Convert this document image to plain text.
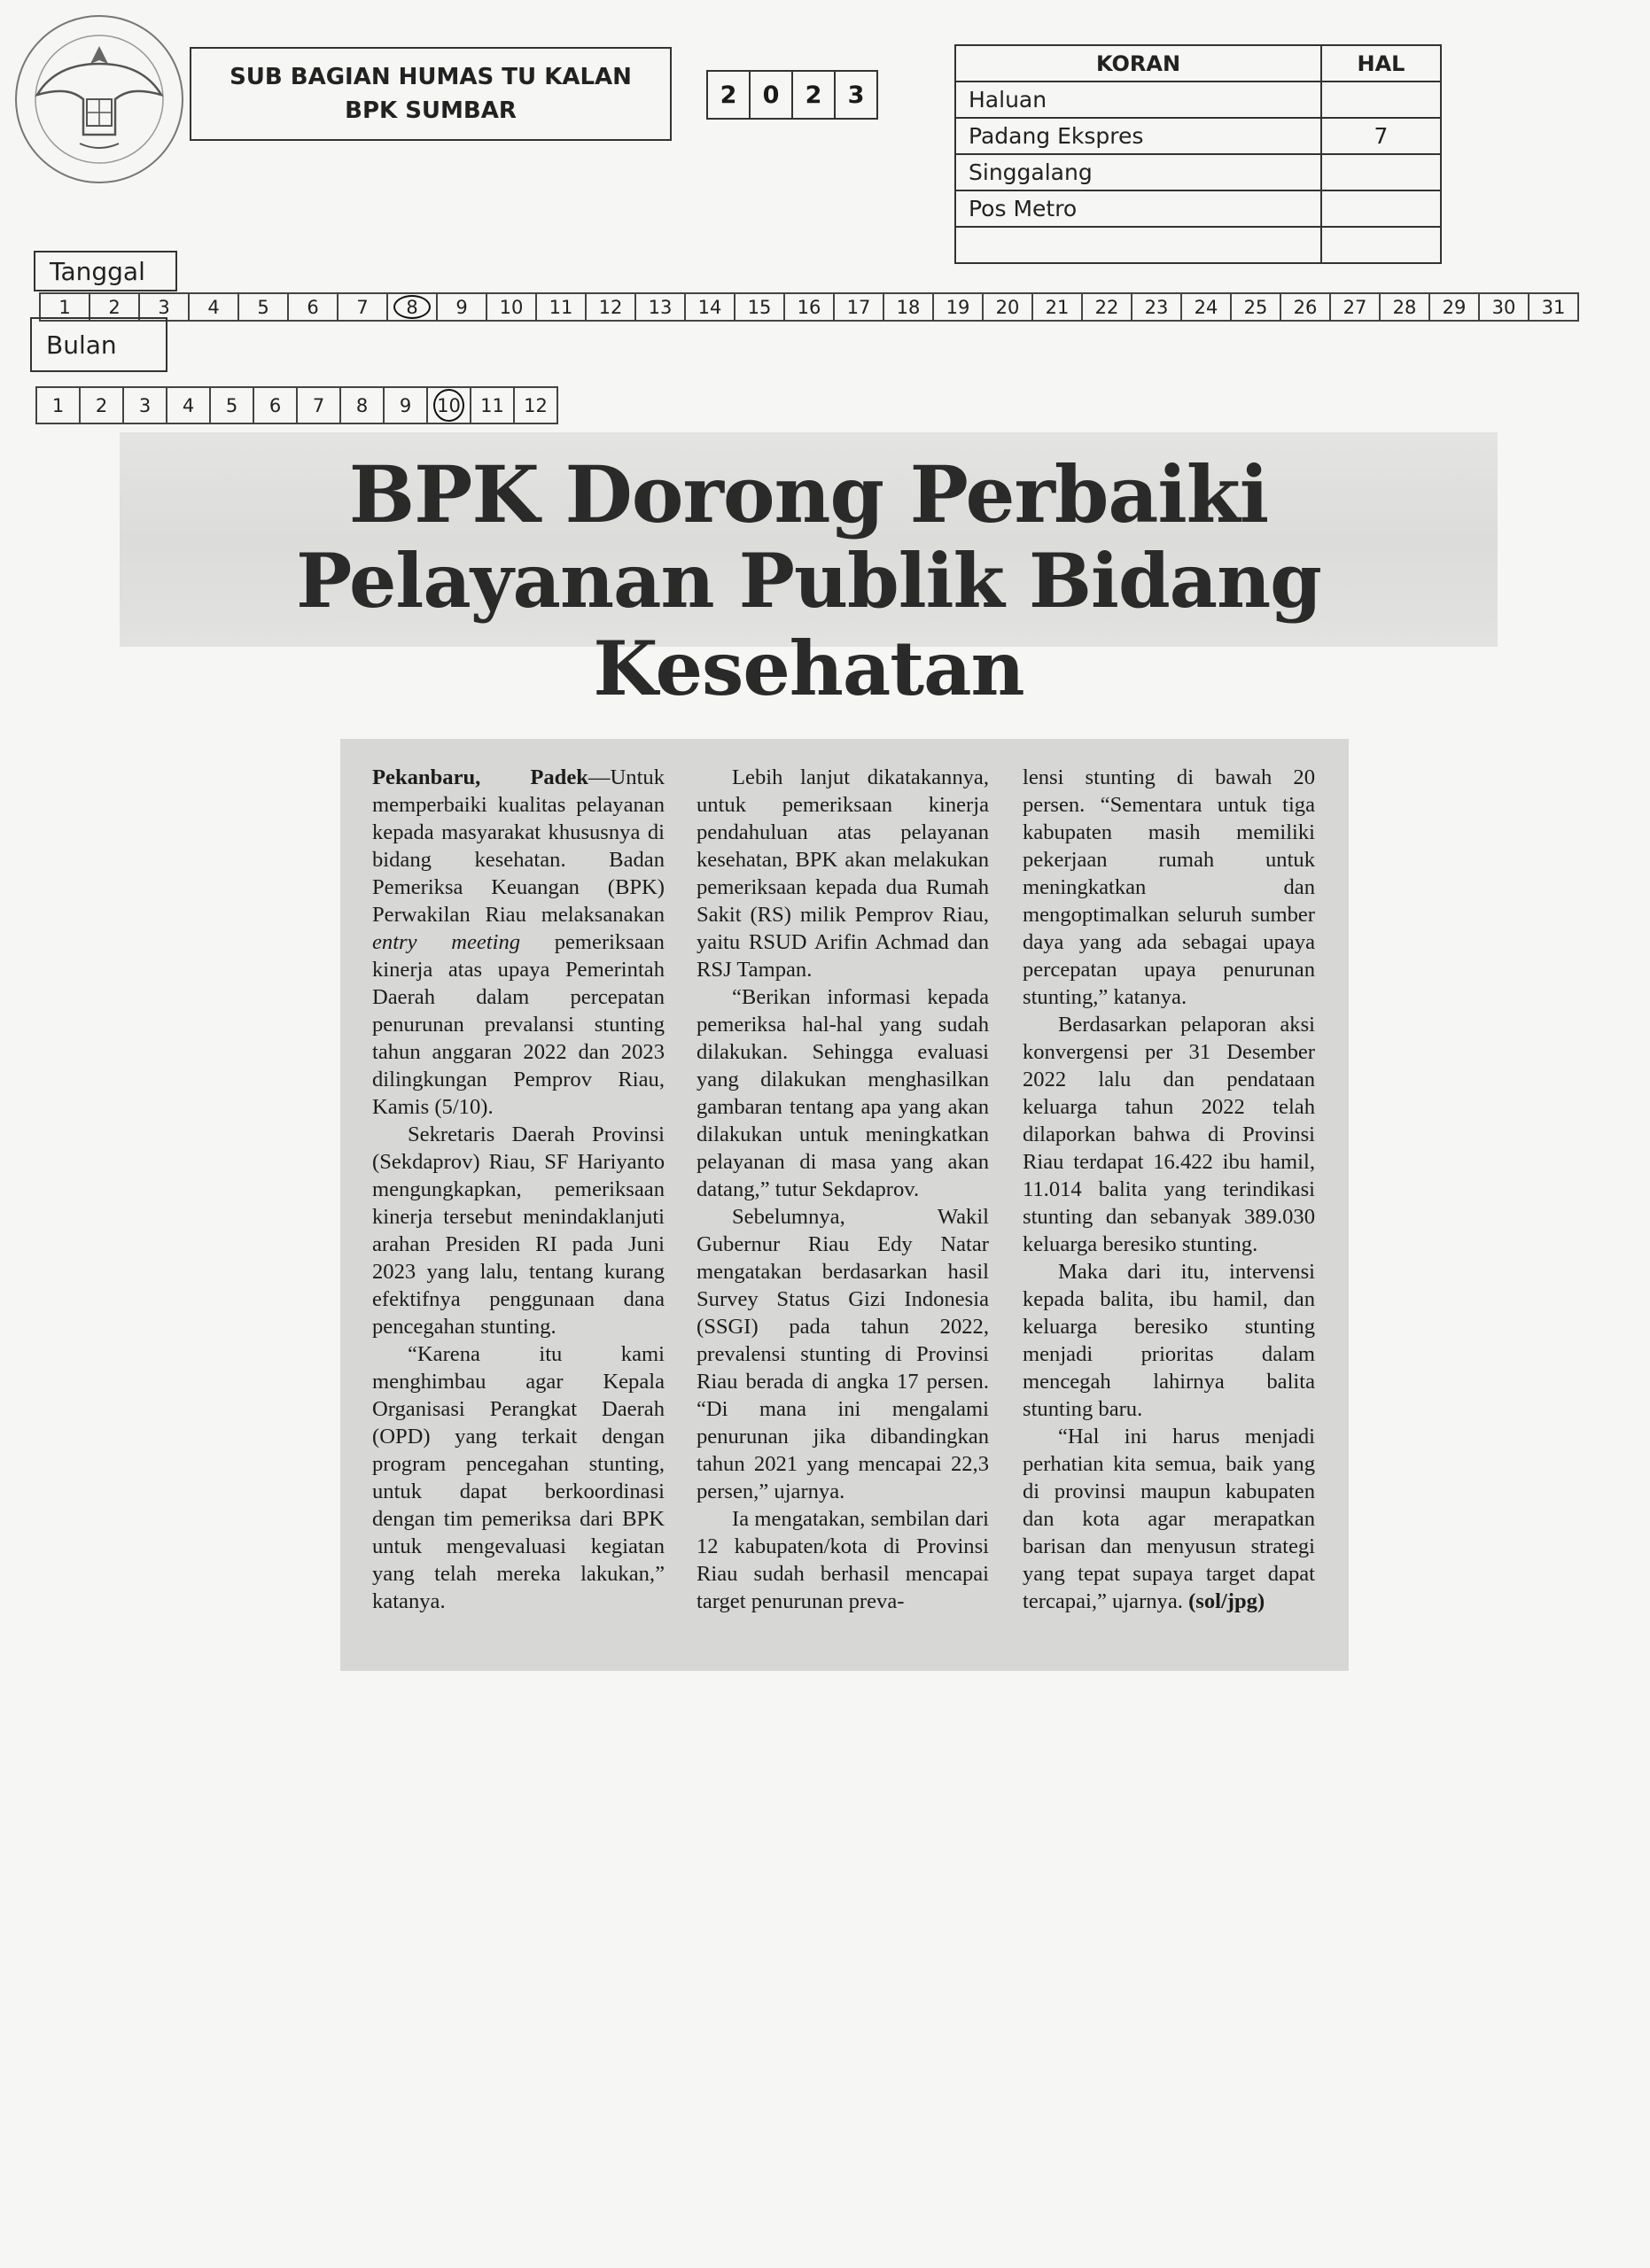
SUB BAGIAN HUMAS TU KALAN
BPK SUMBAR
2	0	2	3
KORAN	HAL
Haluan	
Padang Ekspres	7
Singgalang	
Pos Metro	

Tanggal
1	2	3	4	5	6	7	8	9	10	11	12	13	14	15	16	17	18	19	20	21	22	23	24	25	26	27	28	29	30	31
Bulan
1	2	3	4	5	6	7	8	9	10	11	12
BPK Dorong Perbaiki
Pelayanan Publik Bidang Kesehatan

Pekanbaru, Padek—Untuk memperbaiki kualitas pelayanan kepada masyarakat khususnya di bidang kesehatan. Badan Pemeriksa Keuangan (BPK) Perwakilan Riau melaksanakan entry meeting pemeriksaan kinerja atas upaya Pemerintah Daerah dalam percepatan penurunan prevalansi stunting tahun anggaran 2022 dan 2023 dilingkungan Pemprov Riau, Kamis (5/10).

Sekretaris Daerah Provinsi (Sekdaprov) Riau, SF Hariyanto mengungkapkan, pemeriksaan kinerja tersebut menindaklanjuti arahan Presiden RI pada Juni 2023 yang lalu, tentang kurang efektifnya penggunaan dana pencegahan stunting.

“Karena itu kami menghimbau agar Kepala Organisasi Perangkat Daerah (OPD) yang terkait dengan program pencegahan stunting, untuk dapat berkoordinasi dengan tim pemeriksa dari BPK untuk mengevaluasi kegiatan yang telah mereka lakukan,” katanya.

Lebih lanjut dikatakannya, untuk pemeriksaan kinerja pendahuluan atas pelayanan kesehatan, BPK akan melakukan pemeriksaan kepada dua Rumah Sakit (RS) milik Pemprov Riau, yaitu RSUD Arifin Achmad dan RSJ Tampan.

“Berikan informasi kepada pemeriksa hal-hal yang sudah dilakukan. Sehingga evaluasi yang dilakukan menghasilkan gambaran tentang apa yang akan dilakukan untuk meningkatkan pelayanan di masa yang akan datang,” tutur Sekdaprov.

Sebelumnya, Wakil Gubernur Riau Edy Natar mengatakan berdasarkan hasil Survey Status Gizi Indonesia (SSGI) pada tahun 2022, prevalensi stunting di Provinsi Riau berada di angka 17 persen. “Di mana ini mengalami penurunan jika dibandingkan tahun 2021 yang mencapai 22,3 persen,” ujarnya.

Ia mengatakan, sembilan dari 12 kabupaten/kota di Provinsi Riau sudah berhasil mencapai target penurunan preva-

lensi stunting di bawah 20 persen. “Sementara untuk tiga kabupaten masih memiliki pekerjaan rumah untuk meningkatkan dan mengoptimalkan seluruh sumber daya yang ada sebagai upaya percepatan upaya penurunan stunting,” katanya.

Berdasarkan pelaporan aksi konvergensi per 31 Desember 2022 lalu dan pendataan keluarga tahun 2022 telah dilaporkan bahwa di Provinsi Riau terdapat 16.422 ibu hamil, 11.014 balita yang terindikasi stunting dan sebanyak 389.030 keluarga beresiko stunting.

Maka dari itu, intervensi kepada balita, ibu hamil, dan keluarga beresiko stunting menjadi prioritas dalam mencegah lahirnya balita stunting baru.

“Hal ini harus menjadi perhatian kita semua, baik yang di provinsi maupun kabupaten dan kota agar merapatkan barisan dan menyusun strategi yang tepat supaya target dapat tercapai,” ujarnya. (sol/jpg)
